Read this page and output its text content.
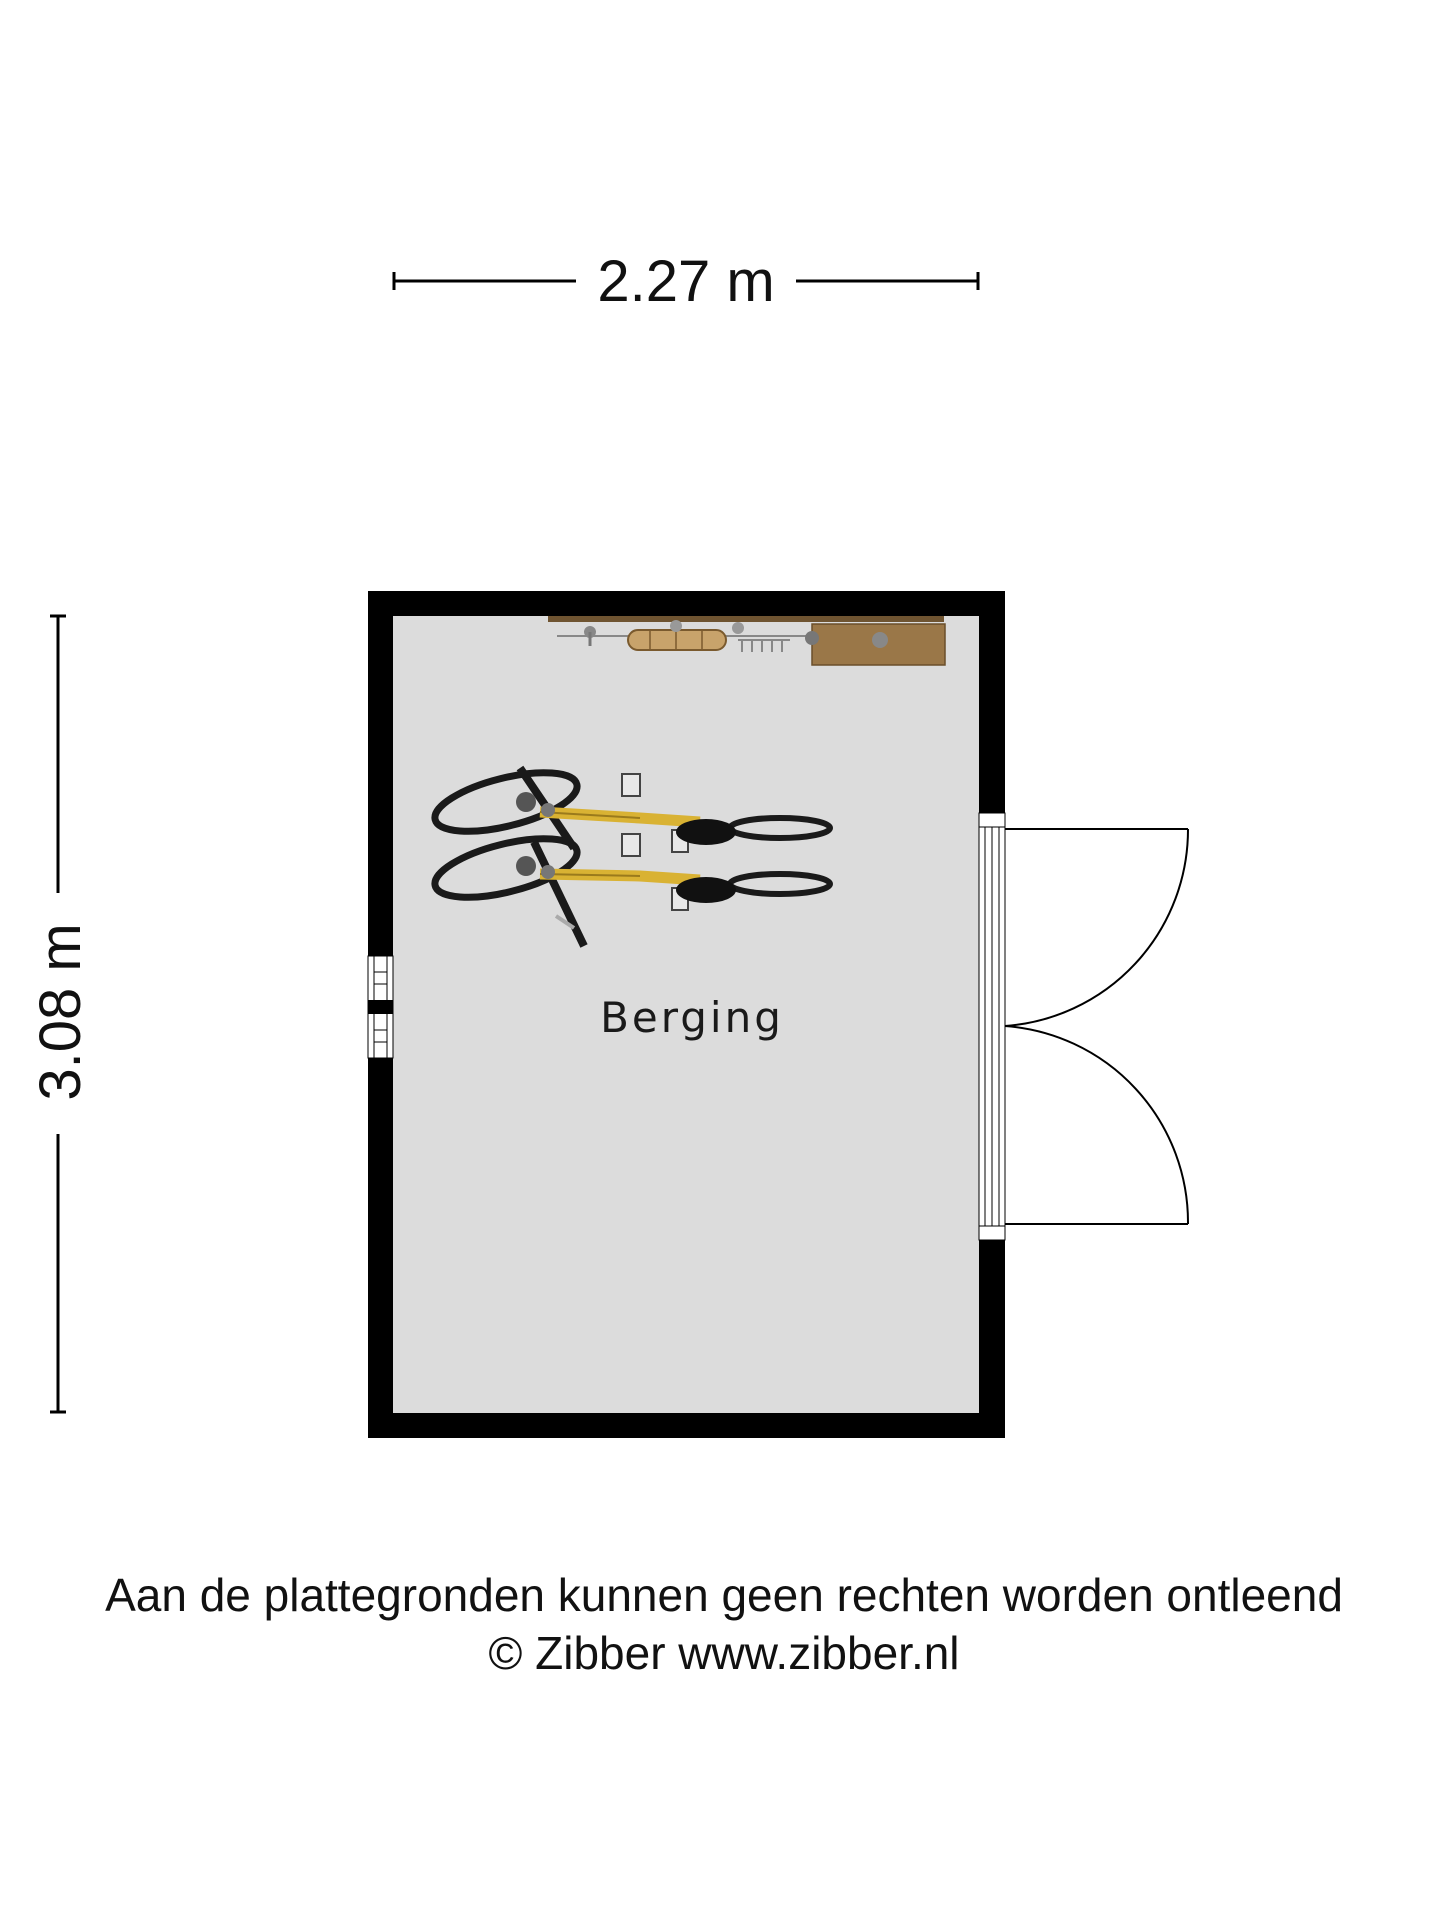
2.27 m
3.08 m	Berging
Aan de plattegronden kunnen geen rechten worden ontleend
© Zibber www.zibber.nl
